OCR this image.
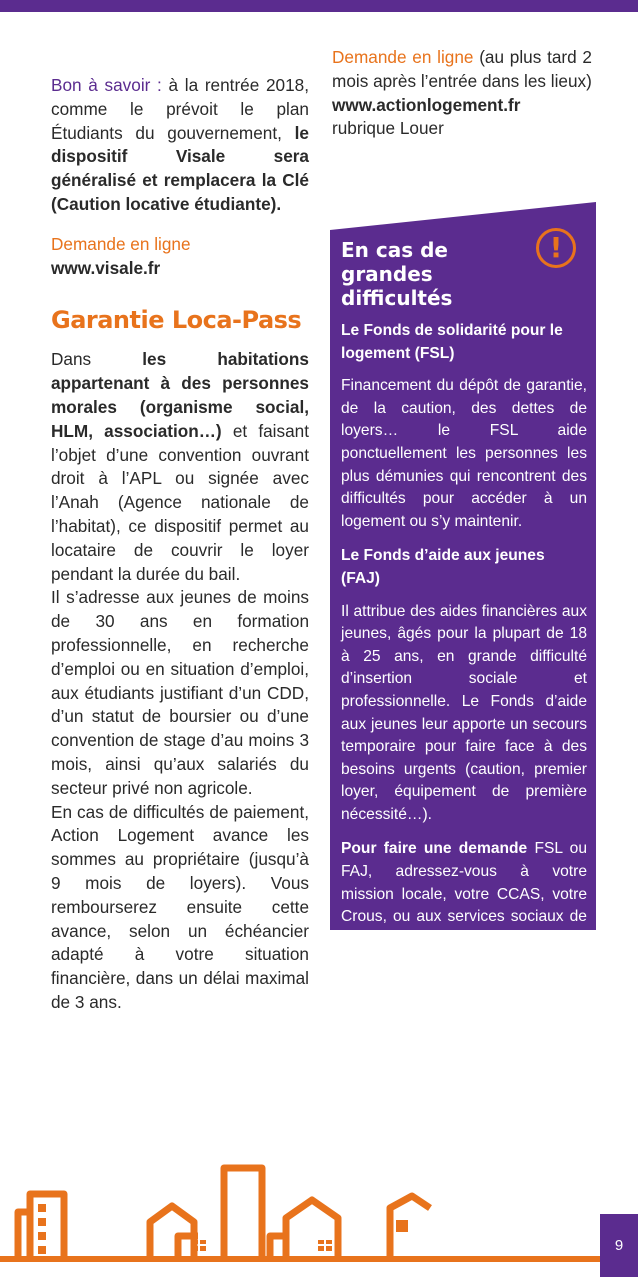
Demande en ligne (au plus tard 2 mois après l’entrée dans les lieux)
www.actionlogement.fr
rubrique Louer

Bon à savoir : à la rentrée 2018, comme le prévoit le plan Étudiants du gouvernement, le dispositif Visale sera généralisé et remplacera la Clé (Caution locative étudiante).

Demande en ligne
www.visale.fr

Garantie Loca-Pass

Dans les habitations appartenant à des personnes morales (organisme social, HLM, association…) et faisant l’objet d’une convention ouvrant droit à l’APL ou signée avec l’Anah (Agence nationale de l’habitat), ce dispositif permet au locataire de couvrir le loyer pendant la durée du bail.

Il s’adresse aux jeunes de moins de 30 ans en formation professionnelle, en recherche d’emploi ou en situation d’emploi, aux étudiants justifiant d’un CDD, d’un statut de boursier ou d’une convention de stage d’au moins 3 mois, ainsi qu’aux salariés du secteur privé non agricole.

En cas de difficultés de paiement, Action Logement avance les sommes au propriétaire (jusqu’à 9 mois de loyers). Vous rembourserez ensuite cette avance, selon un échéancier adapté à votre situation financière, dans un délai maximal de 3 ans.

!
En cas de grandes difficultés

Le Fonds de solidarité pour le logement (FSL)

Financement du dépôt de garantie, de la caution, des dettes de loyers… le FSL aide ponctuellement les personnes les plus démunies qui rencontrent des difficultés pour accéder à un logement ou s’y maintenir.

Le Fonds d’aide aux jeunes (FAJ)

Il attribue des aides financières aux jeunes, âgés pour la plupart de 18 à 25 ans, en grande difficulté d’insertion sociale et professionnelle. Le Fonds d’aide aux jeunes leur apporte un secours temporaire pour faire face à des besoins urgents (caution, premier loyer, équipement de première nécessité…).

Pour faire une demande FSL ou FAJ, adressez-vous à votre mission locale, votre CCAS, votre Crous, ou aux services sociaux de votre département. Un travailleur social vous accompagnera dans vos démarches.

9
